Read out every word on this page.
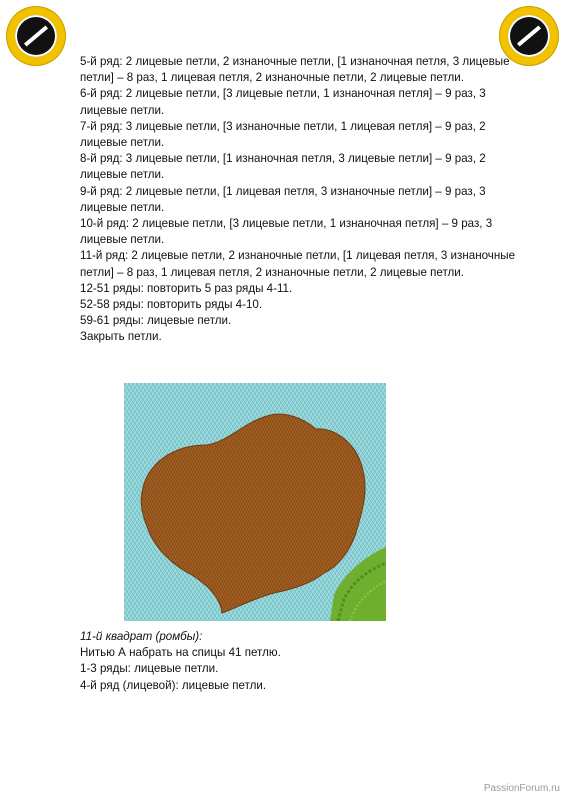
5-й ряд: 2 лицевые петли, 2 изнаночные петли, [1 изнаночная петля, 3 лицевые петли] – 8 раз, 1 лицевая петля, 2 изнаночные петли, 2 лицевые петли.

6-й ряд: 2 лицевые петли, [3 лицевые петли, 1 изнаночная петля] – 9 раз, 3 лицевые петли.

7-й ряд: 3 лицевые петли, [3 изнаночные петли, 1 лицевая петля] – 9 раз, 2 лицевые петли.

8-й ряд: 3 лицевые петли, [1 изнаночная петля, 3 лицевые петли] – 9 раз, 2 лицевые петли.

9-й ряд: 2 лицевые петли, [1 лицевая петля, 3 изнаночные петли] – 9 раз, 3 лицевые петли.

10-й ряд: 2 лицевые петли, [3 лицевые петли, 1 изнаночная петля] – 9 раз, 3 лицевые петли.

11-й ряд: 2 лицевые петли, 2 изнаночные петли, [1 лицевая петля, 3 изнаночные петли] – 8 раз, 1 лицевая петля, 2 изнаночные петли, 2 лицевые петли.

12-51 ряды: повторить 5 раз ряды 4-11.

52-58 ряды: повторить ряды 4-10.

59-61 ряды: лицевые петли.

Закрыть петли.

11-й квадрат (ромбы):

Нитью А набрать на спицы 41 петлю.

1-3 ряды: лицевые петли.

4-й ряд (лицевой): лицевые петли.

PassionForum.ru
